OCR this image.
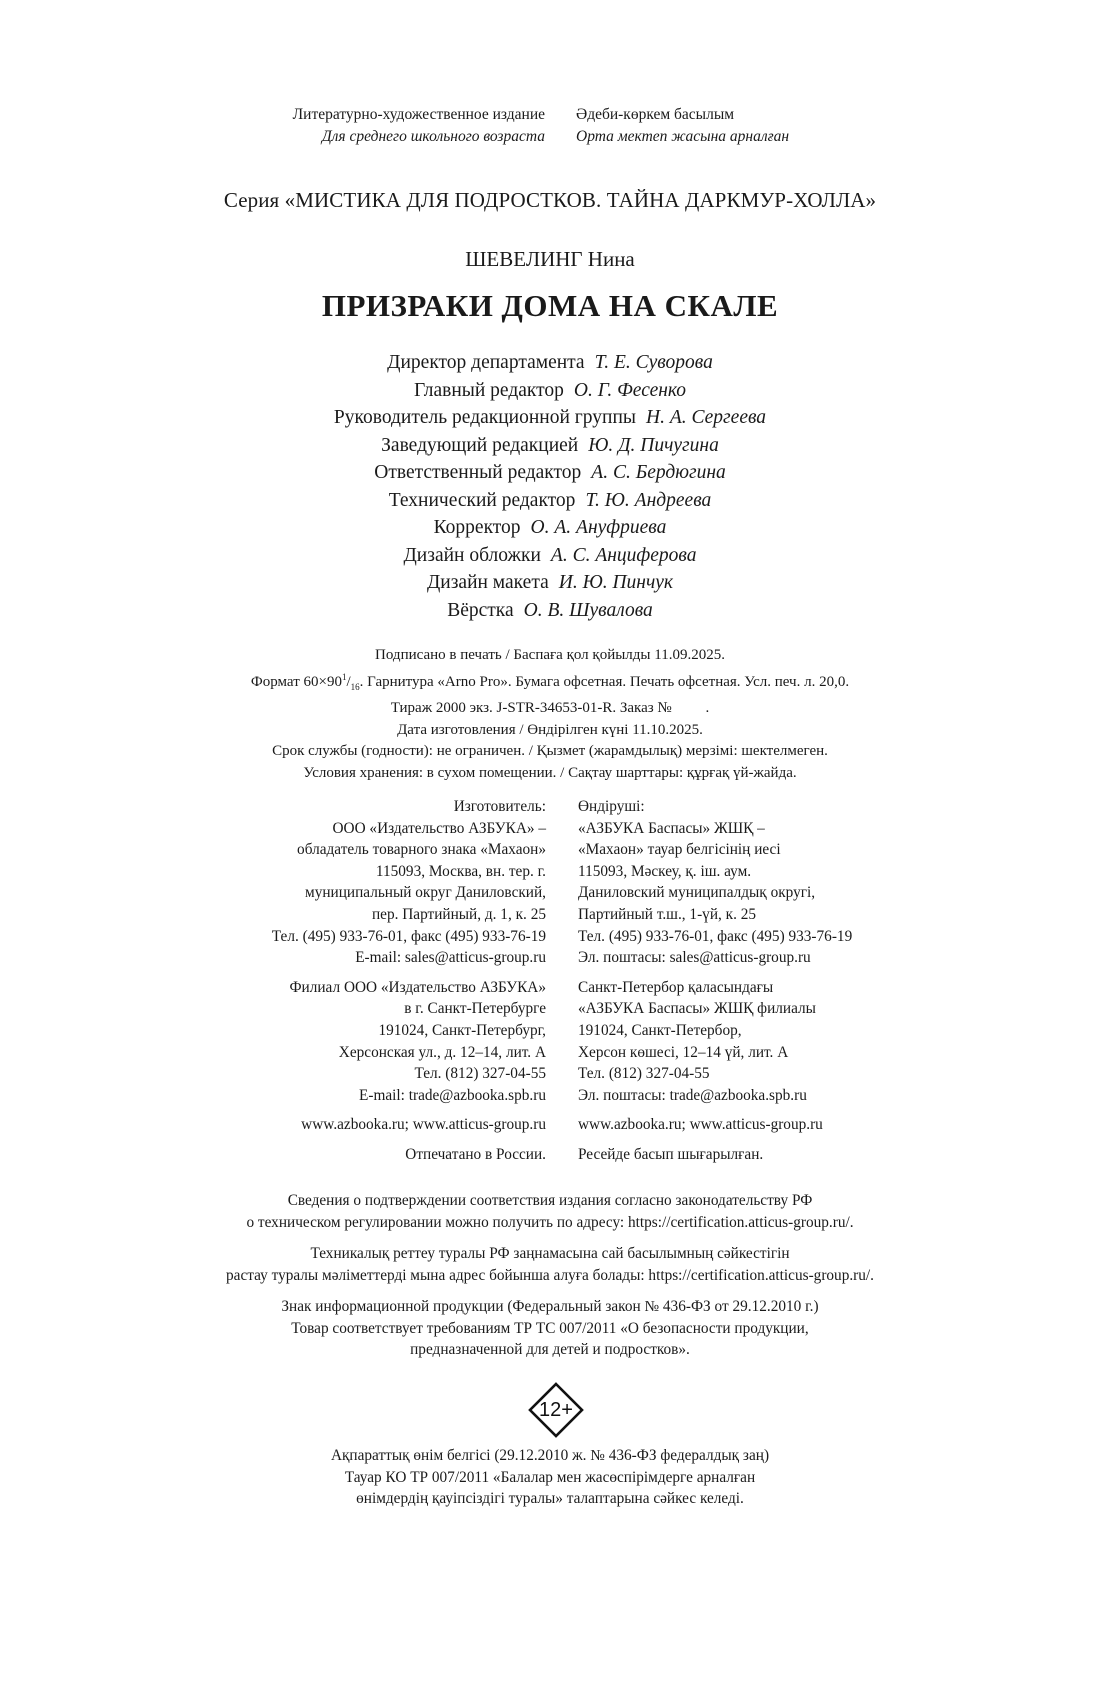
Литературно-художественное издание
Для среднего школьного возраста
Әдеби-көркем басылым
Орта мектеп жасына арналған
Серия «МИСТИКА ДЛЯ ПОДРОСТКОВ. ТАЙНА ДАРКМУР-ХОЛЛА»
ШЕВЕЛИНГ Нина
ПРИЗРАКИ ДОМА НА СКАЛЕ
Директор департамента Т. Е. Суворова
Главный редактор О. Г. Фесенко
Руководитель редакционной группы Н. А. Сергеева
Заведующий редакцией Ю. Д. Пичугина
Ответственный редактор А. С. Бердюгина
Технический редактор Т. Ю. Андреева
Корректор О. А. Ануфриева
Дизайн обложки А. С. Анциферова
Дизайн макета И. Ю. Пинчук
Вёрстка О. В. Шувалова
Подписано в печать / Баспаға қол қойылды 11.09.2025.
Формат $60\times 90^1/_{16}$. Гарнитура «Arno Pro». Бумага офсетная. Печать офсетная. Усл. печ. л. 20,0.
Тираж 2000 экз. J-STR-34653-01-R. Заказ №         .
Дата изготовления / Өндірілген күні 11.10.2025.
Срок службы (годности): не ограничен. / Қызмет (жарамдылық) мерзімі: шектелмеген.
Условия хранения: в сухом помещении. / Сақтау шарттары: құрғақ үй-жайда.
Изготовитель:
ООО «Издательство АЗБУКА» –
обладатель товарного знака «Махаон»
115093, Москва, вн. тер. г.
муниципальный округ Даниловский,
пер. Партийный, д. 1, к. 25
Тел. (495) 933-76-01, факс (495) 933-76-19
E-mail: sales@atticus-group.ru
Филиал ООО «Издательство АЗБУКА»
в г. Санкт-Петербурге
191024, Санкт-Петербург,
Херсонская ул., д. 12–14, лит. А
Тел. (812) 327-04-55
E-mail: trade@azbooka.spb.ru
www.azbooka.ru; www.atticus-group.ru
Отпечатано в России.
Өндіруші:
«АЗБУКА Баспасы» ЖШҚ –
«Махаон» тауар белгісінің иесі
115093, Мәскеу, қ. іш. аум.
Даниловский муниципалдық округі,
Партийный т.ш., 1-үй, к. 25
Тел. (495) 933-76-01, факс (495) 933-76-19
Эл. поштасы: sales@atticus-group.ru
Санкт-Петербор қаласындағы
«АЗБУКА Баспасы» ЖШҚ филиалы
191024, Санкт-Петербор,
Херсон көшесі, 12–14 үй, лит. А
Тел. (812) 327-04-55
Эл. поштасы: trade@azbooka.spb.ru
www.azbooka.ru; www.atticus-group.ru
Ресейде басып шығарылған.
Сведения о подтверждении соответствия издания согласно законодательству РФ
о техническом регулировании можно получить по адресу: https://certification.atticus-group.ru/.
Техникалық реттеу туралы РФ заңнамасына сай басылымның сәйкестігін
растау туралы мәліметтерді мына адрес бойынша алуға болады: https://certification.atticus-group.ru/.
Знак информационной продукции (Федеральный закон № 436-ФЗ от 29.12.2010 г.)
Товар соответствует требованиям ТР ТС 007/2011 «О безопасности продукции,
предназначенной для детей и подростков».
12+
Ақпараттық өнім белгісі (29.12.2010 ж. № 436-ФЗ федералдық заң)
Тауар КО ТР 007/2011 «Балалар мен жасөспірімдерге арналған
өнімдердің қауіпсіздігі туралы» талаптарына сәйкес келеді.
